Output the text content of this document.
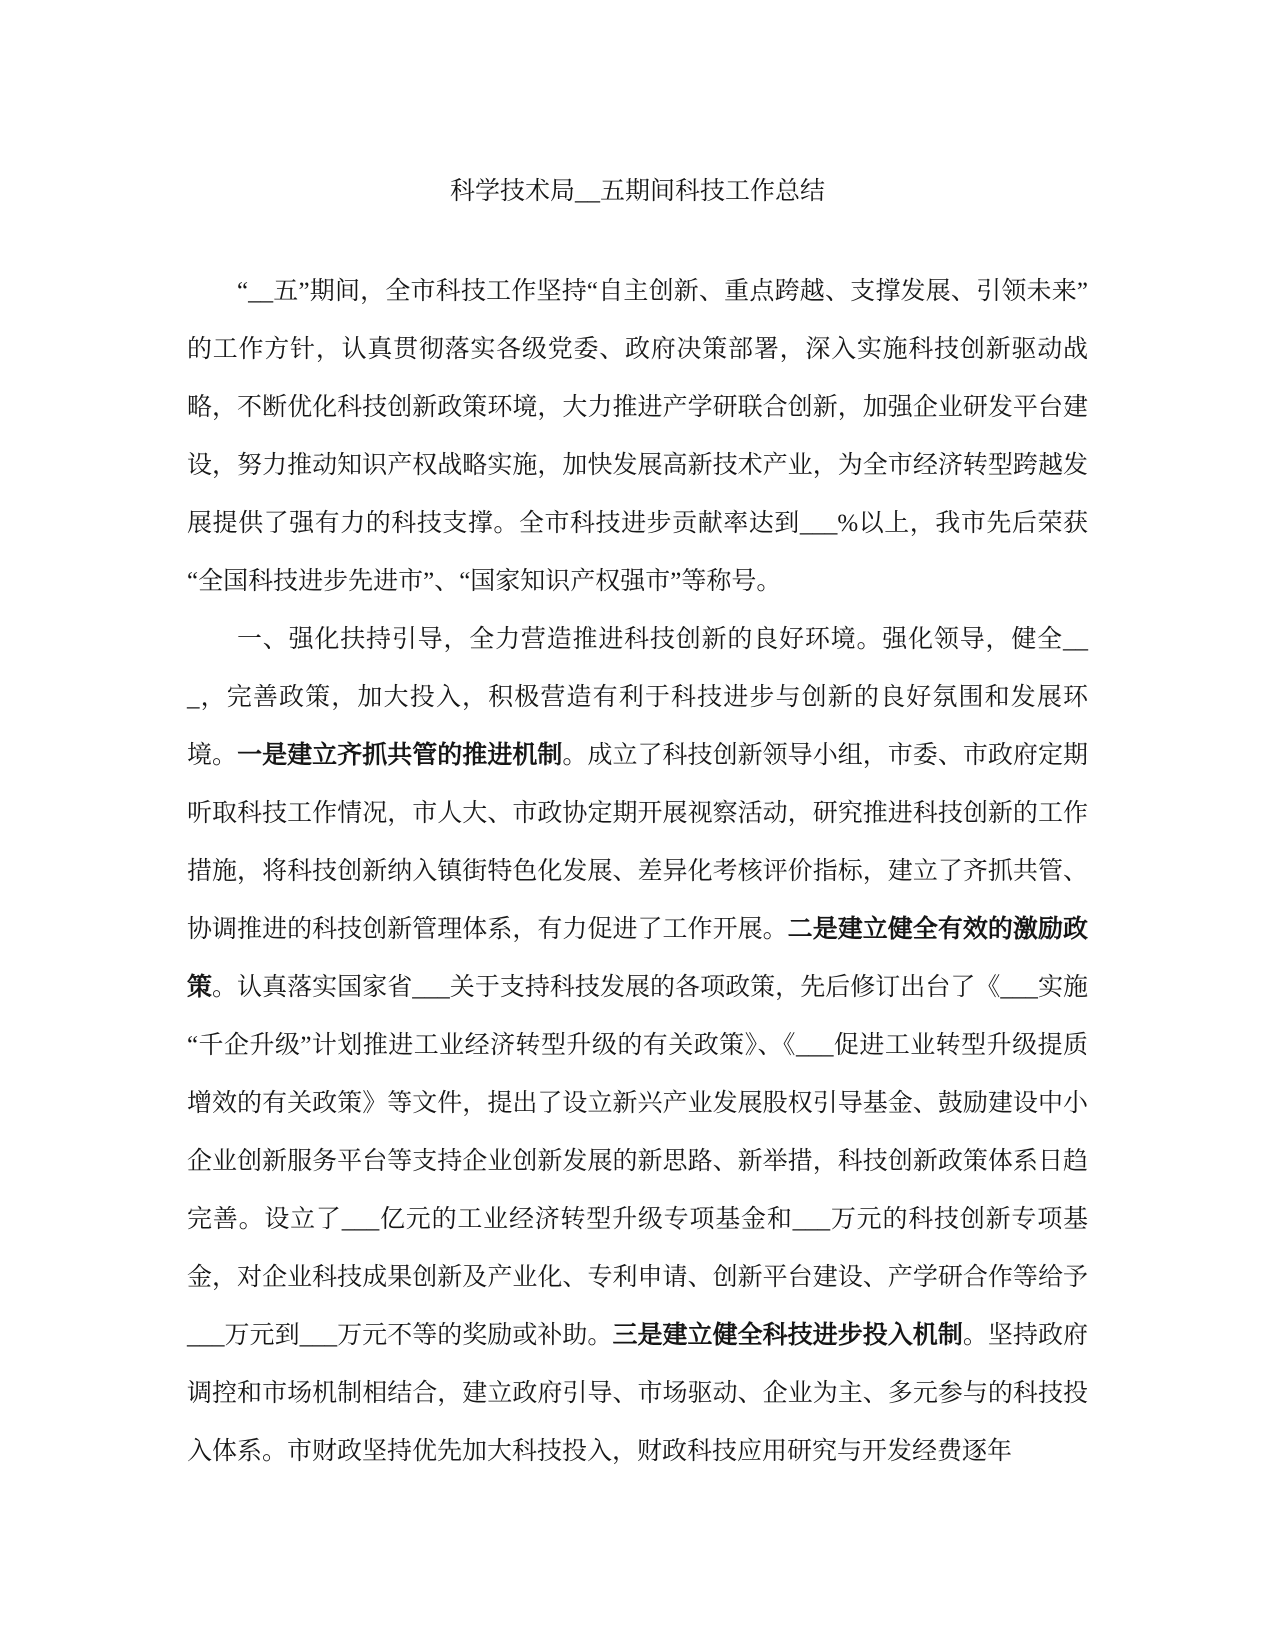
科学技术局__五期间科技工作总结

“__五”期间，全市科技工作坚持“自主创新、重点跨越、支撑发展、引领未来”的工作方针，认真贯彻落实各级党委、政府决策部署，深入实施科技创新驱动战略，不断优化科技创新政策环境，大力推进产学研联合创新，加强企业研发平台建设，努力推动知识产权战略实施，加快发展高新技术产业，为全市经济转型跨越发展提供了强有力的科技支撑。全市科技进步贡献率达到___%以上，我市先后荣获“全国科技进步先进市”、“国家知识产权强市”等称号。

一、强化扶持引导，全力营造推进科技创新的良好环境。强化领导，健全___，完善政策，加大投入，积极营造有利于科技进步与创新的良好氛围和发展环境。一是建立齐抓共管的推进机制。成立了科技创新领导小组，市委、市政府定期听取科技工作情况，市人大、市政协定期开展视察活动，研究推进科技创新的工作措施，将科技创新纳入镇街特色化发展、差异化考核评价指标，建立了齐抓共管、协调推进的科技创新管理体系，有力促进了工作开展。二是建立健全有效的激励政策。认真落实国家省___关于支持科技发展的各项政策，先后修订出台了《___实施“千企升级”计划推进工业经济转型升级的有关政策》、《___促进工业转型升级提质增效的有关政策》等文件，提出了设立新兴产业发展股权引导基金、鼓励建设中小企业创新服务平台等支持企业创新发展的新思路、新举措，科技创新政策体系日趋完善。设立了___亿元的工业经济转型升级专项基金和___万元的科技创新专项基金，对企业科技成果创新及产业化、专利申请、创新平台建设、产学研合作等给予___万元到___万元不等的奖励或补助。三是建立健全科技进步投入机制。坚持政府调控和市场机制相结合，建立政府引导、市场驱动、企业为主、多元参与的科技投入体系。市财政坚持优先加大科技投入，财政科技应用研究与开发经费逐年
